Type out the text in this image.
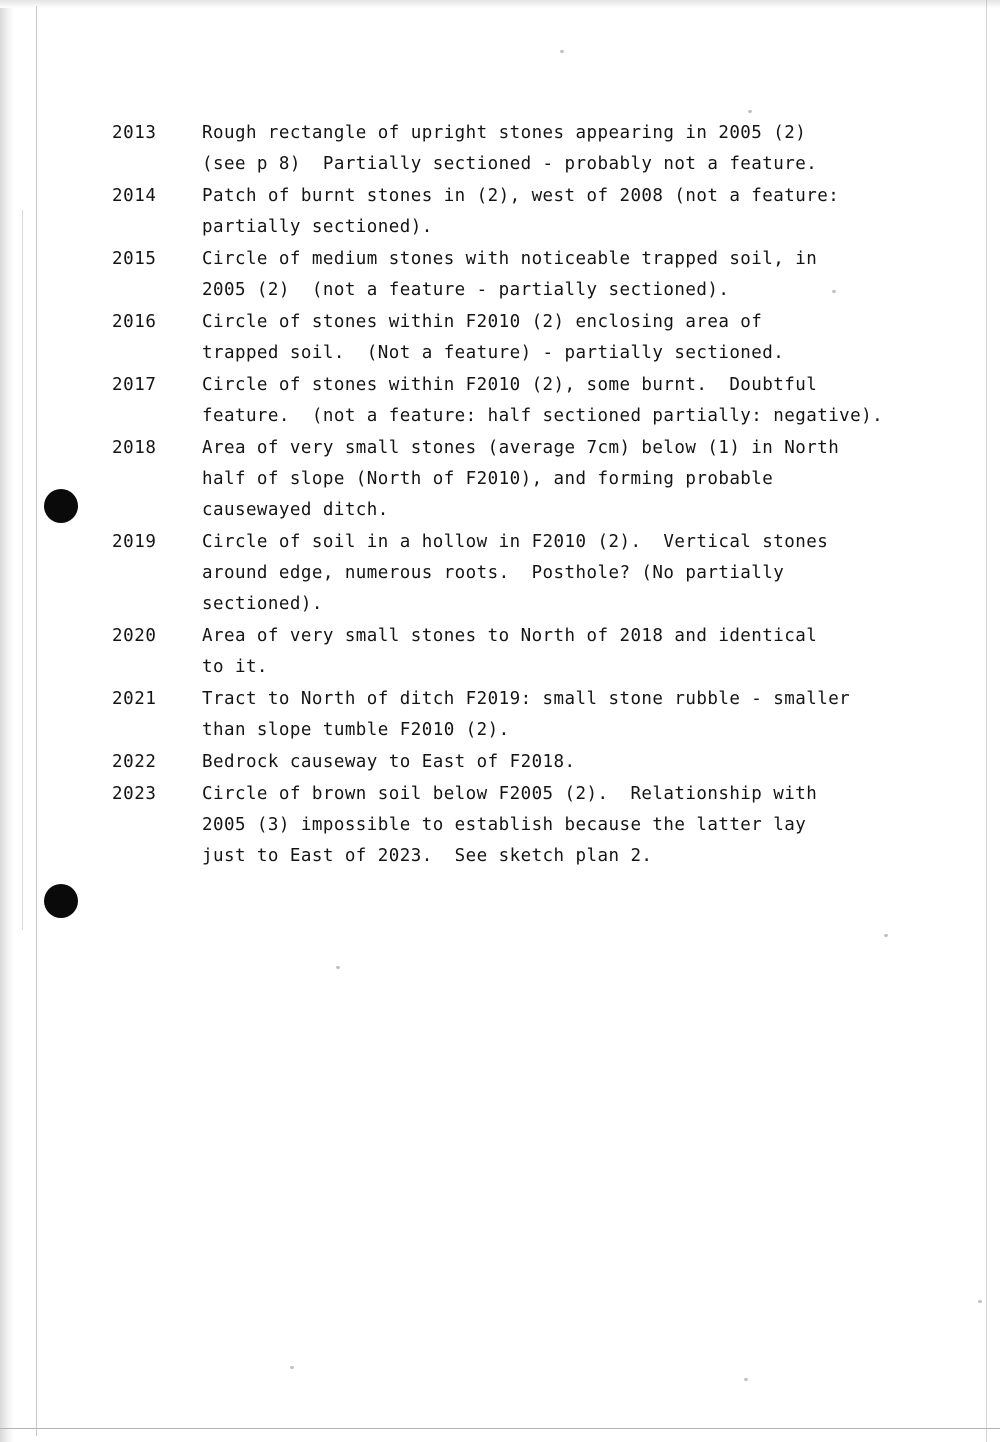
2013	Rough rectangle of upright stones appearing in 2005 (2)
(see p 8)  Partially sectioned - probably not a feature.
2014	Patch of burnt stones in (2), west of 2008 (not a feature:
partially sectioned).
2015	Circle of medium stones with noticeable trapped soil, in
2005 (2)  (not a feature - partially sectioned).
2016	Circle of stones within F2010 (2) enclosing area of
trapped soil.  (Not a feature) - partially sectioned.
2017	Circle of stones within F2010 (2), some burnt.  Doubtful
feature.  (not a feature: half sectioned partially: negative).
2018	Area of very small stones (average 7cm) below (1) in North
half of slope (North of F2010), and forming probable
causewayed ditch.
2019	Circle of soil in a hollow in F2010 (2).  Vertical stones
around edge, numerous roots.  Posthole? (No partially
sectioned).
2020	Area of very small stones to North of 2018 and identical
to it.
2021	Tract to North of ditch F2019: small stone rubble - smaller
than slope tumble F2010 (2).
2022	Bedrock causeway to East of F2018.
2023	Circle of brown soil below F2005 (2).  Relationship with
2005 (3) impossible to establish because the latter lay
just to East of 2023.  See sketch plan 2.
